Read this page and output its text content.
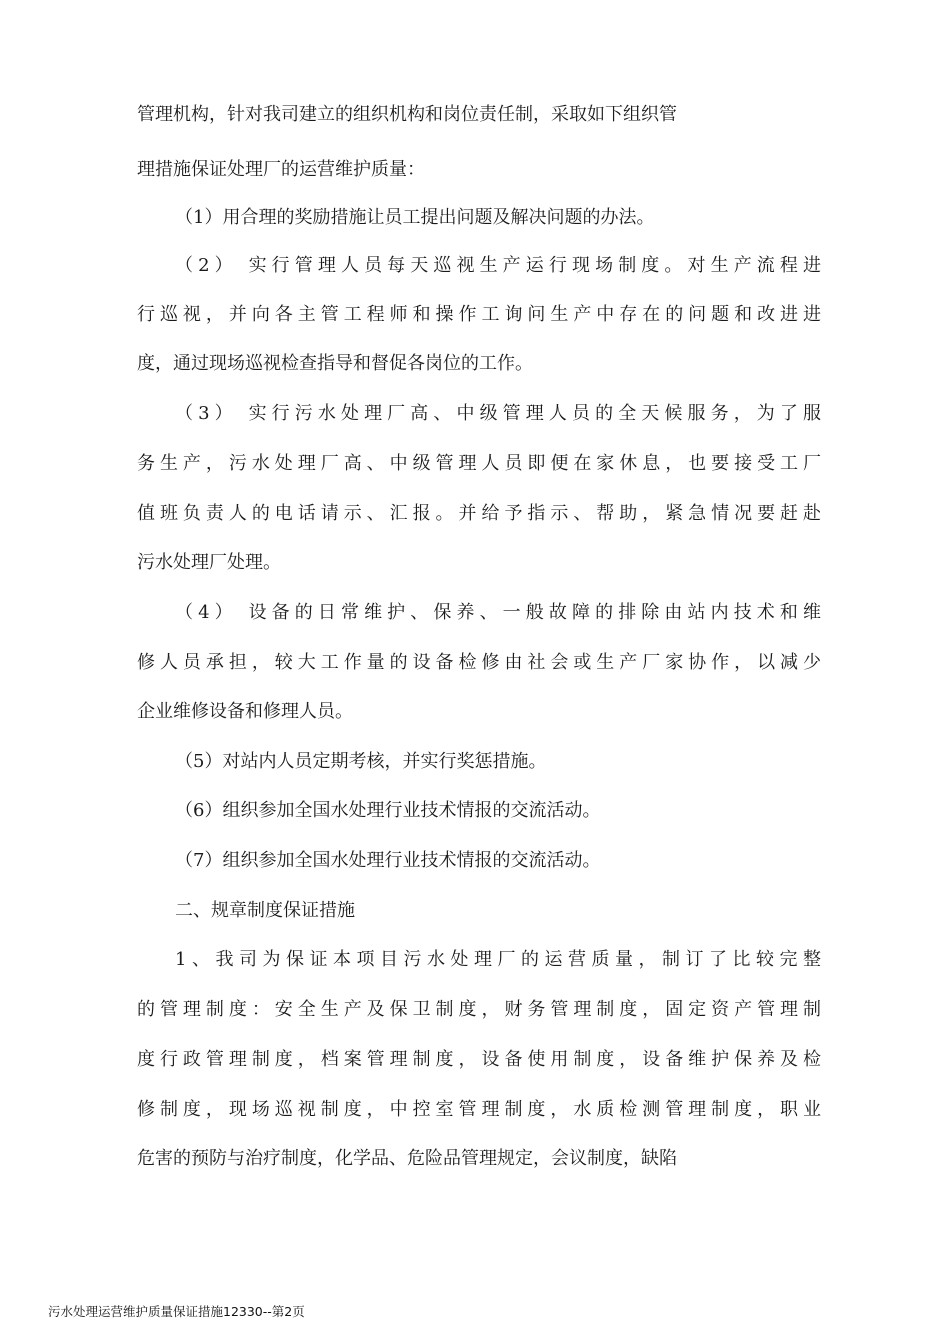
管理机构，针对我司建立的组织机构和岗位责任制，采取如下组织管
理措施保证处理厂的运营维护质量：
（1）用合理的奖励措施让员工提出问题及解决问题的办法。
（2） 实行管理人员每天巡视生产运行现场制度。对生产流程进
行巡视，并向各主管工程师和操作工询问生产中存在的问题和改进进
度，通过现场巡视检查指导和督促各岗位的工作。
（3） 实行污水处理厂高、中级管理人员的全天候服务，为了服
务生产，污水处理厂高、中级管理人员即便在家休息，也要接受工厂
值班负责人的电话请示、汇报。并给予指示、帮助，紧急情况要赶赴
污水处理厂处理。
（4） 设备的日常维护、保养、一般故障的排除由站内技术和维
修人员承担，较大工作量的设备检修由社会或生产厂家协作，以减少
企业维修设备和修理人员。
（5）对站内人员定期考核，并实行奖惩措施。
（6）组织参加全国水处理行业技术情报的交流活动。
（7）组织参加全国水处理行业技术情报的交流活动。
二、规章制度保证措施
1、我司为保证本项目污水处理厂的运营质量，制订了比较完整
的管理制度：安全生产及保卫制度，财务管理制度，固定资产管理制
度行政管理制度，档案管理制度，设备使用制度，设备维护保养及检
修制度，现场巡视制度，中控室管理制度，水质检测管理制度，职业
危害的预防与治疗制度，化学品、危险品管理规定，会议制度，缺陷
污水处理运营维护质量保证措施12330--第2页
